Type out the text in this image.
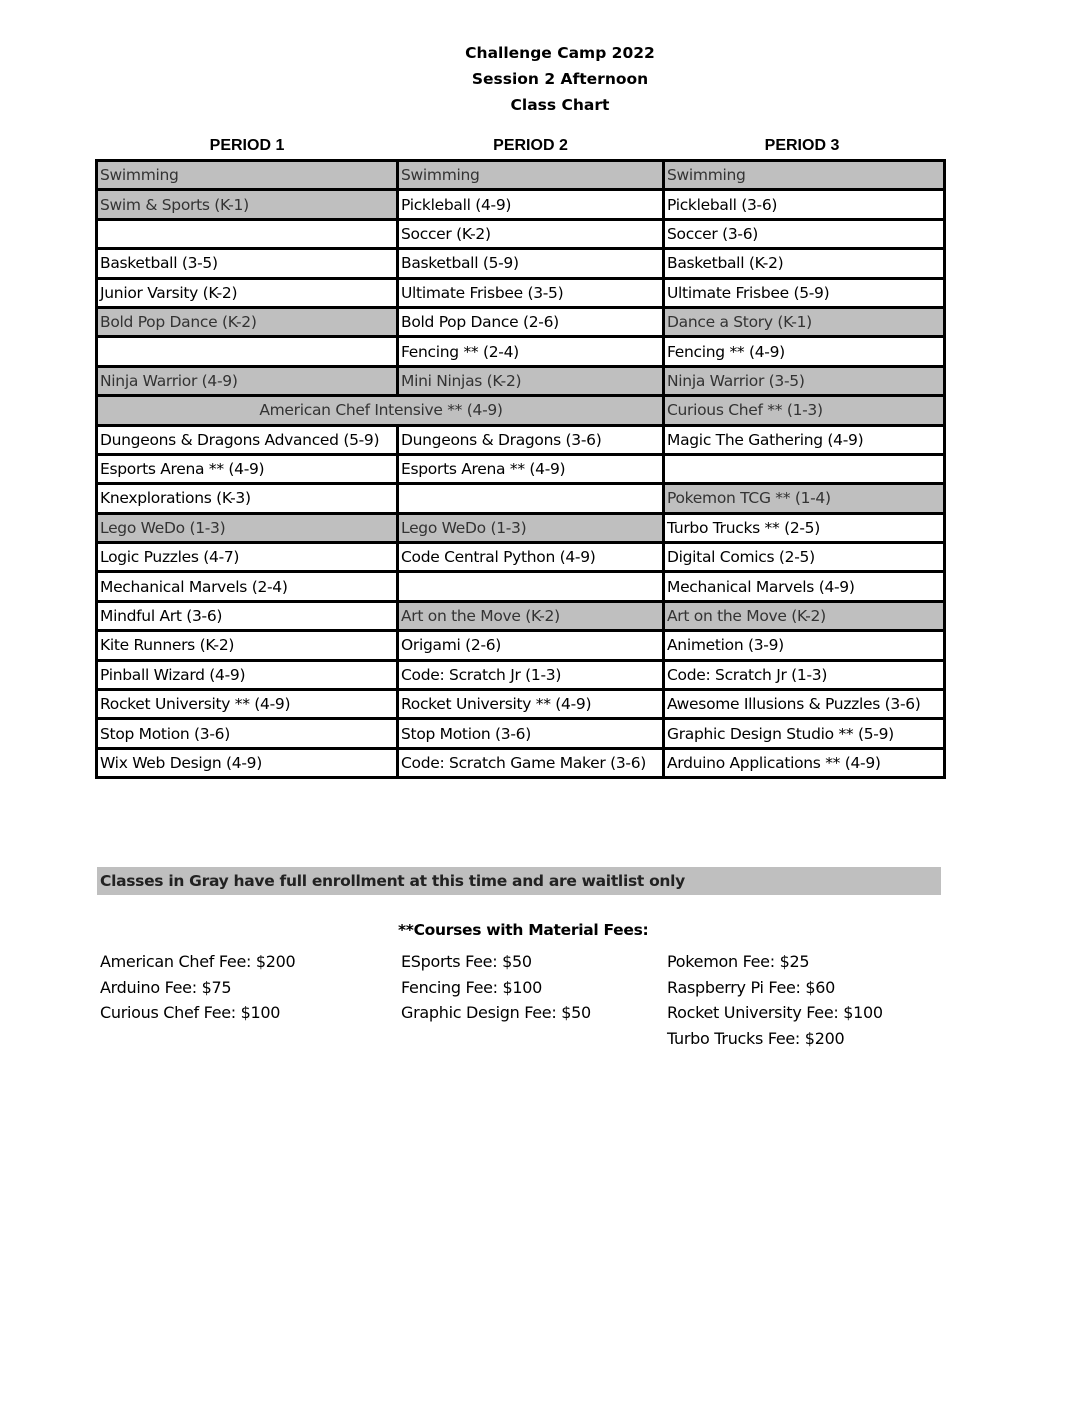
Challenge Camp 2022
Session 2 Afternoon
Class Chart
PERIOD 1	PERIOD 2	PERIOD 3
Swimming	Swimming	Swimming
Swim & Sports (K-1)	Pickleball (4-9)	Pickleball (3-6)
	Soccer (K-2)	Soccer (3-6)
Basketball (3-5)	Basketball (5-9)	Basketball (K-2)
Junior Varsity (K-2)	Ultimate Frisbee (3-5)	Ultimate Frisbee (5-9)
Bold Pop Dance (K-2)	Bold Pop Dance (2-6)	Dance a Story (K-1)
	Fencing ** (2-4)	Fencing ** (4-9)
Ninja Warrior (4-9)	Mini Ninjas (K-2)	Ninja Warrior (3-5)
American Chef Intensive ** (4-9)		Curious Chef ** (1-3)
Dungeons & Dragons Advanced (5-9)	Dungeons & Dragons (3-6)	Magic The Gathering (4-9)
Esports Arena ** (4-9)	Esports Arena ** (4-9)	
Knexplorations (K-3)		Pokemon TCG ** (1-4)
Lego WeDo (1-3)	Lego WeDo (1-3)	Turbo Trucks ** (2-5)
Logic Puzzles (4-7)	Code Central Python (4-9)	Digital Comics (2-5)
Mechanical Marvels (2-4)		Mechanical Marvels (4-9)
Mindful Art (3-6)	Art on the Move (K-2)	Art on the Move (K-2)
Kite Runners (K-2)	Origami (2-6)	Animetion (3-9)
Pinball Wizard (4-9)	Code: Scratch Jr (1-3)	Code: Scratch Jr (1-3)
Rocket University ** (4-9)	Rocket University ** (4-9)	Awesome Illusions & Puzzles (3-6)
Stop Motion (3-6)	Stop Motion (3-6)	Graphic Design Studio ** (5-9)
Wix Web Design (4-9)	Code: Scratch Game Maker (3-6)	Arduino Applications ** (4-9)
Classes in Gray have full enrollment at this time and are waitlist only
**Courses with Material Fees:
American Chef Fee: $200
Arduino Fee: $75
Curious Chef Fee: $100
ESports Fee: $50
Fencing Fee: $100
Graphic Design Fee: $50
Pokemon Fee: $25
Raspberry Pi Fee: $60
Rocket University Fee: $100
Turbo Trucks Fee: $200
